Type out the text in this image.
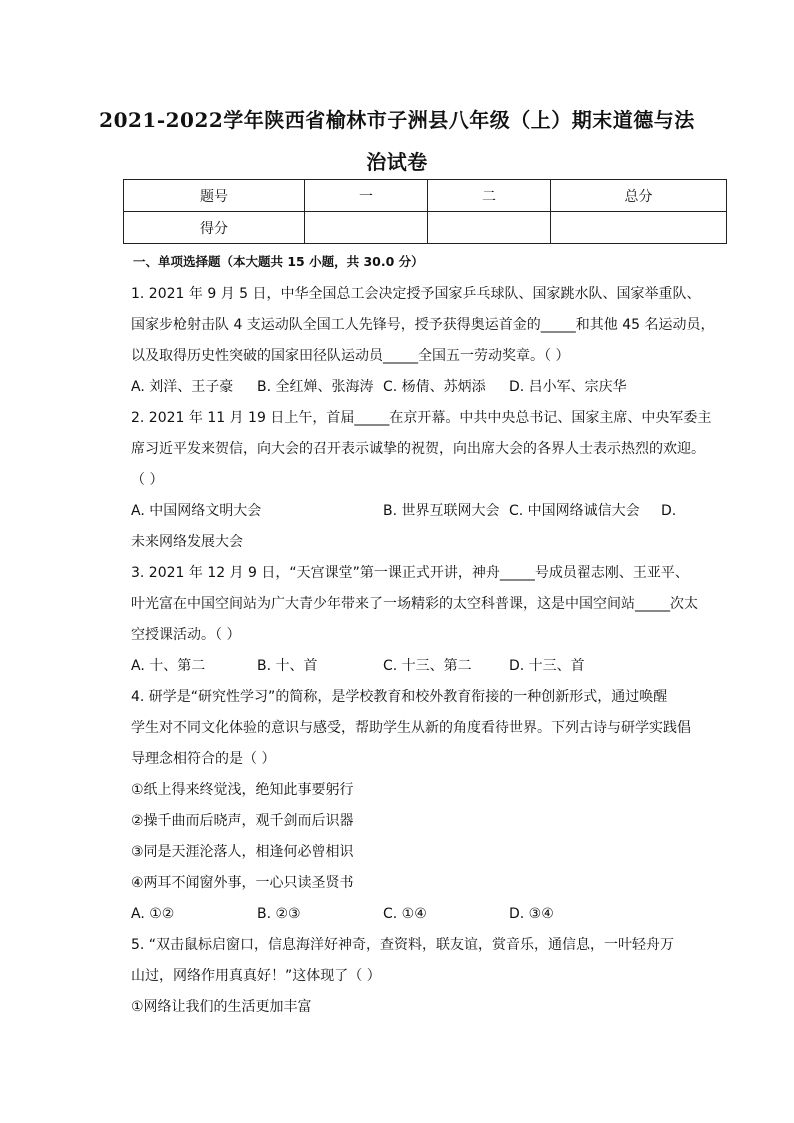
2021-2022学年陕西省榆林市子洲县八年级（上）期末道德与法
治试卷
题号	一	二	总分
得分			

一、单项选择题（本大题共 15 小题，共 30.0 分）

1. 2021 年 9 月 5 日，中华全国总工会决定授予国家乒乓球队、国家跳水队、国家举重队、

国家步枪射击队 4 支运动队全国工人先锋号，授予获得奥运首金的_____和其他 45 名运动员，

以及取得历史性突破的国家田径队运动员_____全国五一劳动奖章。（ ）

A. 刘洋、王子豪 B. 全红婵、张海涛 C. 杨倩、苏炳添 D. 吕小军、宗庆华

2. 2021 年 11 月 19 日上午，首届_____在京开幕。中共中央总书记、国家主席、中央军委主

席习近平发来贺信，向大会的召开表示诚挚的祝贺，向出席大会的各界人士表示热烈的欢迎。

（ ）

A. 中国网络文明大会	B. 世界互联网大会 C. 中国网络诚信大会 D.
未来网络发展大会

3. 2021 年 12 月 9 日，“天宫课堂”第一课正式开讲，神舟_____号成员翟志刚、王亚平、

叶光富在中国空间站为广大青少年带来了一场精彩的太空科普课，这是中国空间站_____次太

空授课活动。（ ）

A. 十、第二	B. 十、首	C. 十三、第二	D. 十三、首

4. 研学是“研究性学习”的简称，是学校教育和校外教育衔接的一种创新形式，通过唤醒

学生对不同文化体验的意识与感受，帮助学生从新的角度看待世界。下列古诗与研学实践倡

导理念相符合的是（ ）

①纸上得来终觉浅，绝知此事要躬行

②操千曲而后晓声，观千剑而后识器

③同是天涯沦落人，相逢何必曾相识

④两耳不闻窗外事，一心只读圣贤书

A. ①②	B. ②③	C. ①④	D. ③④

5. “双击鼠标启窗口，信息海洋好神奇，查资料，联友谊，赏音乐，通信息，一叶轻舟万

山过，网络作用真真好！”这体现了（ ）

①网络让我们的生活更加丰富
